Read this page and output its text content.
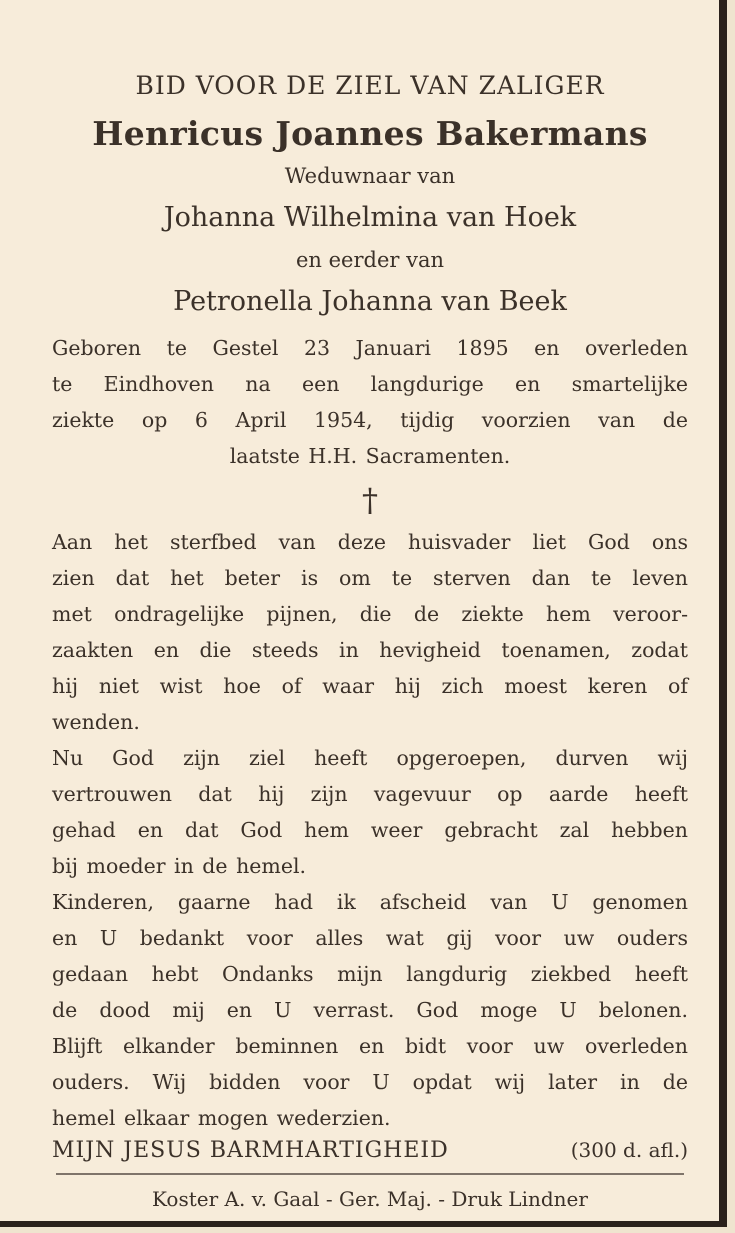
BID VOOR DE ZIEL VAN ZALIGER

Henricus Joannes Bakermans

Weduwnaar van

Johanna Wilhelmina van Hoek

en eerder van

Petronella Johanna van Beek

Geboren te Gestel 23 Januari 1895 en overleden

te Eindhoven na een langdurige en smartelijke

ziekte op 6 April 1954, tijdig voorzien van de

laatste H.H. Sacramenten.

†

Aan het sterfbed van deze huisvader liet God ons

zien dat het beter is om te sterven dan te leven

met ondragelijke pijnen, die de ziekte hem veroor-

zaakten en die steeds in hevigheid toenamen, zodat

hij niet wist hoe of waar hij zich moest keren of

wenden.

Nu God zijn ziel heeft opgeroepen, durven wij

vertrouwen dat hij zijn vagevuur op aarde heeft

gehad en dat God hem weer gebracht zal hebben

bij moeder in de hemel.

Kinderen, gaarne had ik afscheid van U genomen

en U bedankt voor alles wat gij voor uw ouders

gedaan hebt Ondanks mijn langdurig ziekbed heeft

de dood mij en U verrast. God moge U belonen.

Blijft elkander beminnen en bidt voor uw overleden

ouders. Wij bidden voor U opdat wij later in de

hemel elkaar mogen wederzien.

MIJN JESUS BARMHARTIGHEID	(300 d. afl.)

Koster A. v. Gaal - Ger. Maj. - Druk Lindner
